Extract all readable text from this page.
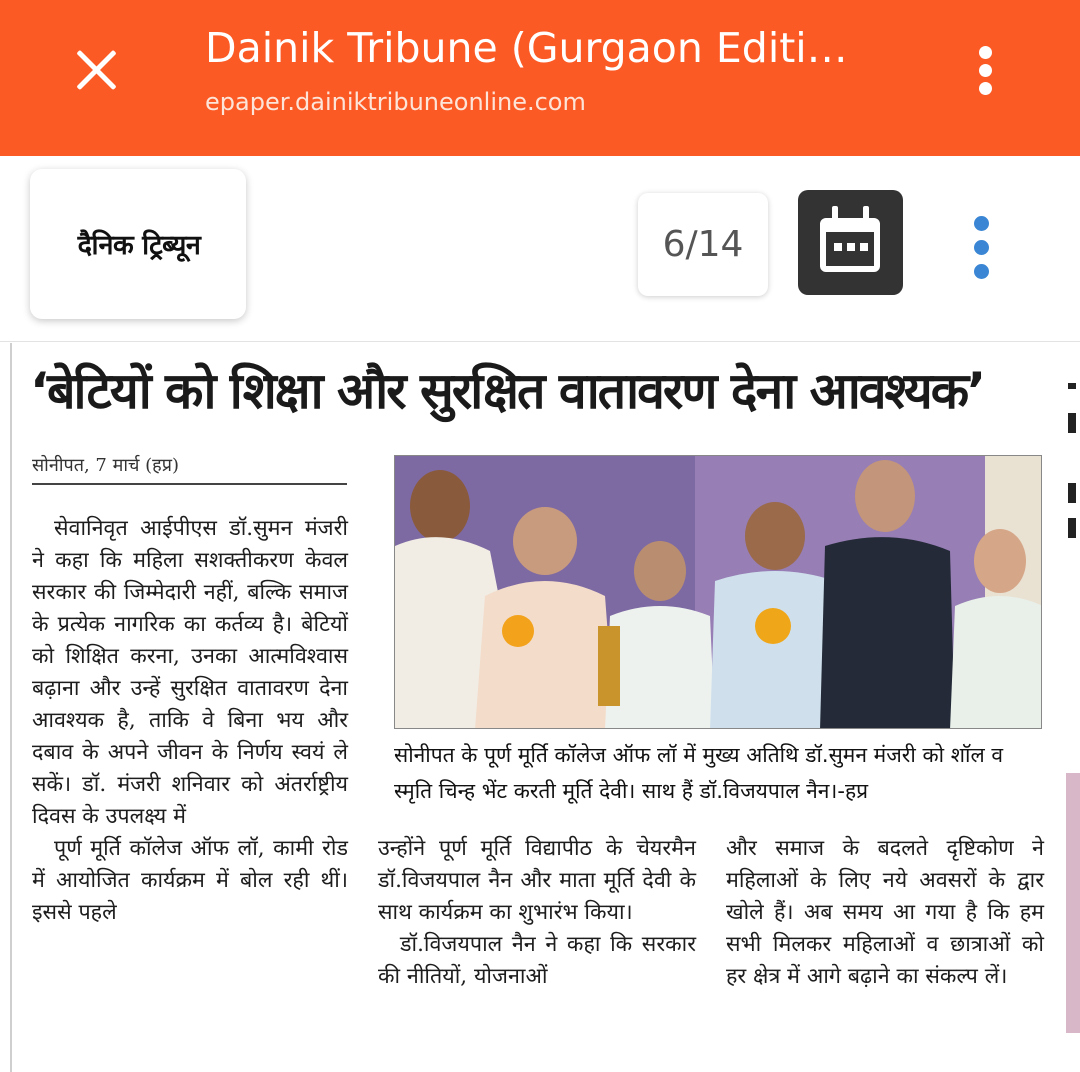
Dainik Tribune (Gurgaon Editi…
epaper.dainiktribuneonline.com
दैनिक ट्रिब्यून	6/14
‘बेटियों को शिक्षा और सुरक्षित वातावरण देना आवश्यक’
सोनीपत, 7 मार्च (हप्र)
सेवानिवृत आईपीएस डॉ.सुमन मंजरी ने कहा कि महिला सशक्तीकरण केवल सरकार की जिम्मेदारी नहीं, बल्कि समाज के प्रत्येक नागरिक का कर्तव्य है। बेटियों को शिक्षित करना, उनका आत्मविश्वास बढ़ाना और उन्हें सुरक्षित वातावरण देना आवश्यक है, ताकि वे बिना भय और दबाव के अपने जीवन के निर्णय स्वयं ले सकें। डॉ. मंजरी शनिवार को अंतर्राष्ट्रीय दिवस के उपलक्ष्य में
पूर्ण मूर्ति कॉलेज ऑफ लॉ, कामी रोड में आयोजित कार्यक्रम में बोल रही थीं। इससे पहले
सोनीपत के पूर्ण मूर्ति कॉलेज ऑफ लॉ में मुख्य अतिथि डॉ.सुमन मंजरी को शॉल व स्मृति चिन्ह भेंट करती मूर्ति देवी। साथ हैं डॉ.विजयपाल नैन।-हप्र
उन्होंने पूर्ण मूर्ति विद्यापीठ के चेयरमैन डॉ.विजयपाल नैन और माता मूर्ति देवी के साथ कार्यक्रम का शुभारंभ किया।
डॉ.विजयपाल नैन ने कहा कि सरकार की नीतियों, योजनाओं
और समाज के बदलते दृष्टिकोण ने महिलाओं के लिए नये अवसरों के द्वार खोले हैं। अब समय आ गया है कि हम सभी मिलकर महिलाओं व छात्राओं को हर क्षेत्र में आगे बढ़ाने का संकल्प लें।
